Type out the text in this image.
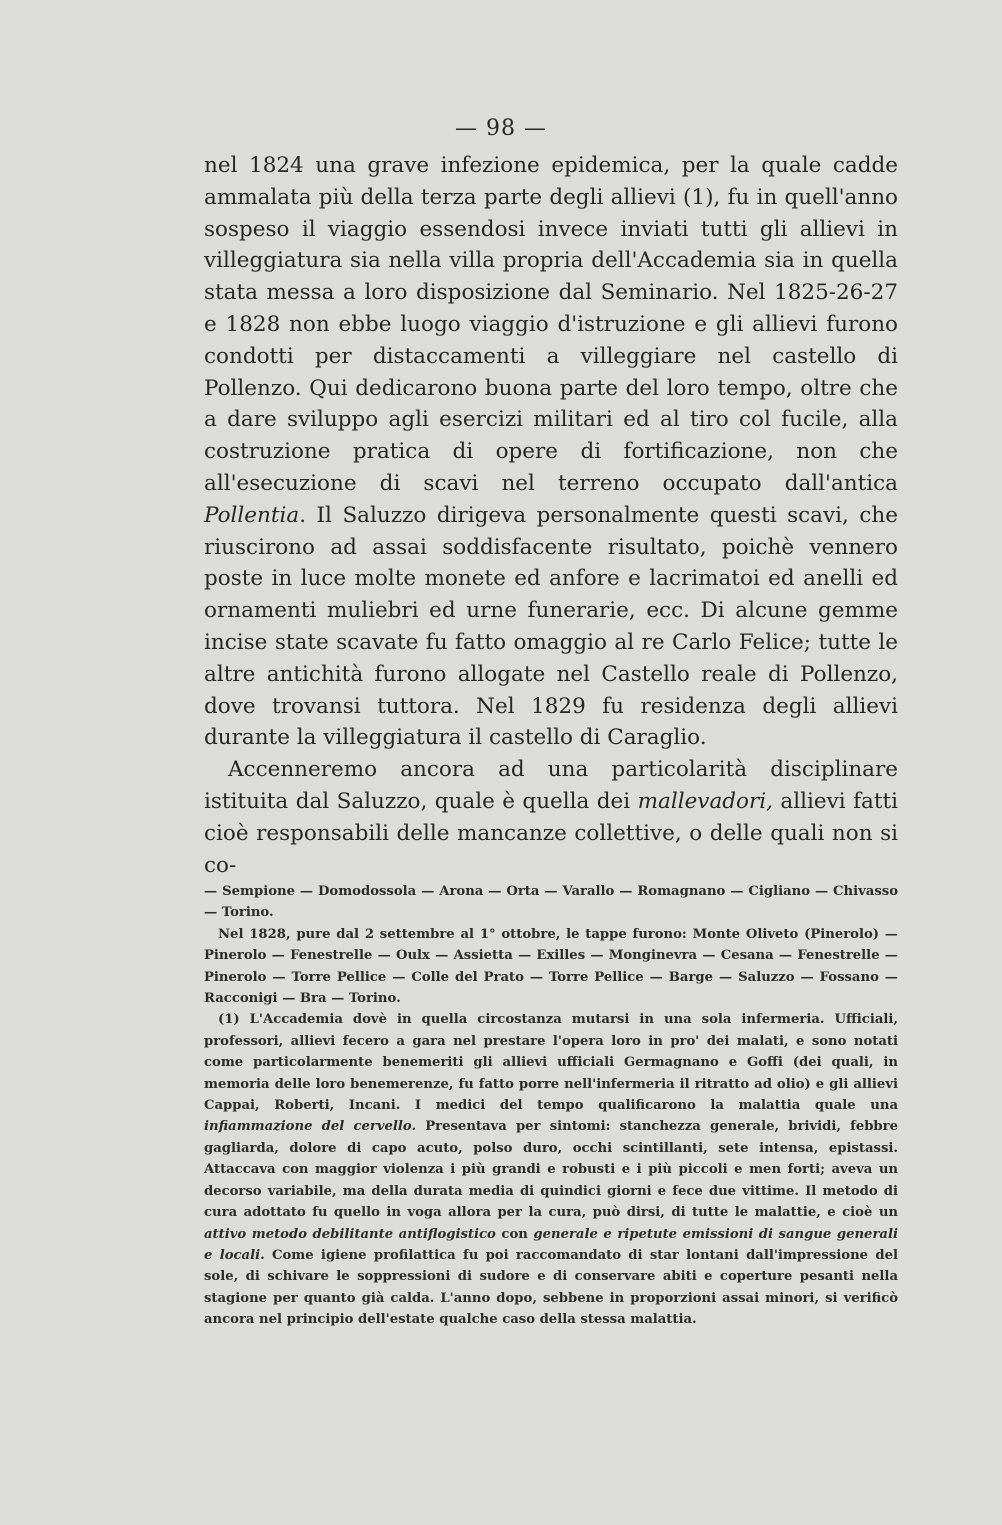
— 98 —

nel 1824 una grave infezione epidemica, per la quale cadde ammalata più della terza parte degli allievi (1), fu in quell'anno sospeso il viaggio essendosi invece inviati tutti gli allievi in villeggiatura sia nella villa propria dell'Accademia sia in quella stata messa a loro disposizione dal Seminario. Nel 1825-26-27 e 1828 non ebbe luogo viaggio d'istruzione e gli allievi furono condotti per distaccamenti a villeggiare nel castello di Pollenzo. Qui dedicarono buona parte del loro tempo, oltre che a dare sviluppo agli esercizi militari ed al tiro col fucile, alla costruzione pratica di opere di fortificazione, non che all'esecuzione di scavi nel terreno occupato dall'antica Pollentia. Il Saluzzo dirigeva personalmente questi scavi, che riuscirono ad assai soddisfacente risultato, poichè vennero poste in luce molte monete ed anfore e lacrimatoi ed anelli ed ornamenti muliebri ed urne funerarie, ecc. Di alcune gemme incise state scavate fu fatto omaggio al re Carlo Felice; tutte le altre antichità furono allogate nel Castello reale di Pollenzo, dove trovansi tuttora. Nel 1829 fu residenza degli allievi durante la villeggiatura il castello di Caraglio.

Accenneremo ancora ad una particolarità disciplinare istituita dal Saluzzo, quale è quella dei mallevadori, allievi fatti cioè responsabili delle mancanze collettive, o delle quali non si co-

— Sempione — Domodossola — Arona — Orta — Varallo — Romagnano — Cigliano — Chivasso — Torino.

Nel 1828, pure dal 2 settembre al 1° ottobre, le tappe furono: Monte Oliveto (Pinerolo) — Pinerolo — Fenestrelle — Oulx — Assietta — Exilles — Monginevra — Cesana — Fenestrelle — Pinerolo — Torre Pellice — Colle del Prato — Torre Pellice — Barge — Saluzzo — Fossano — Racconigi — Bra — Torino.

(1) L'Accademia dovè in quella circostanza mutarsi in una sola infermeria. Ufficiali, professori, allievi fecero a gara nel prestare l'opera loro in pro' dei malati, e sono notati come particolarmente benemeriti gli allievi ufficiali Germagnano e Goffi (dei quali, in memoria delle loro benemerenze, fu fatto porre nell'infermeria il ritratto ad olio) e gli allievi Cappai, Roberti, Incani. I medici del tempo qualificarono la malattia quale una infiammazione del cervello. Presentava per sintomi: stanchezza generale, brividi, febbre gagliarda, dolore di capo acuto, polso duro, occhi scintillanti, sete intensa, epistassi. Attaccava con maggior violenza i più grandi e robusti e i più piccoli e men forti; aveva un decorso variabile, ma della durata media di quindici giorni e fece due vittime. Il metodo di cura adottato fu quello in voga allora per la cura, può dirsi, di tutte le malattie, e cioè un attivo metodo debilitante antiflogistico con generale e ripetute emissioni di sangue generali e locali. Come igiene profilattica fu poi raccomandato di star lontani dall'impressione del sole, di schivare le soppressioni di sudore e di conservare abiti e coperture pesanti nella stagione per quanto già calda. L'anno dopo, sebbene in proporzioni assai minori, si verificò ancora nel principio dell'estate qualche caso della stessa malattia.
